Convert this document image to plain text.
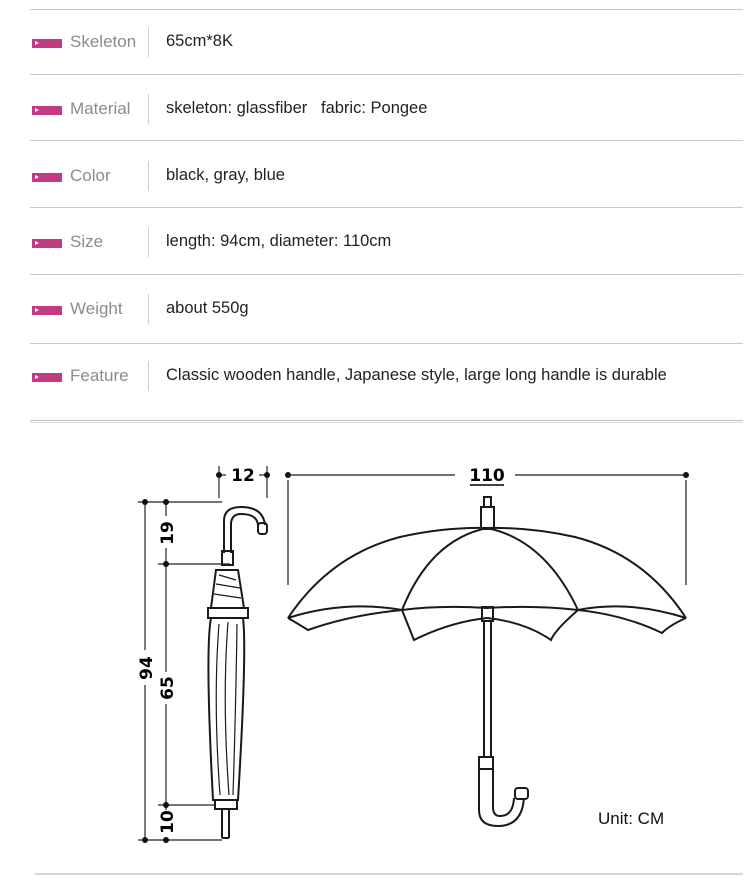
Skeleton 65cm*8K
Material skeleton: glassfiber   fabric: Pongee
Color	black, gray, blue
Size	length: 94cm, diameter: 110cm
Weight	about 550g
Feature Classic wooden handle, Japanese style, large long handle is durable
12
19
94
65
10
110
Unit: CM
